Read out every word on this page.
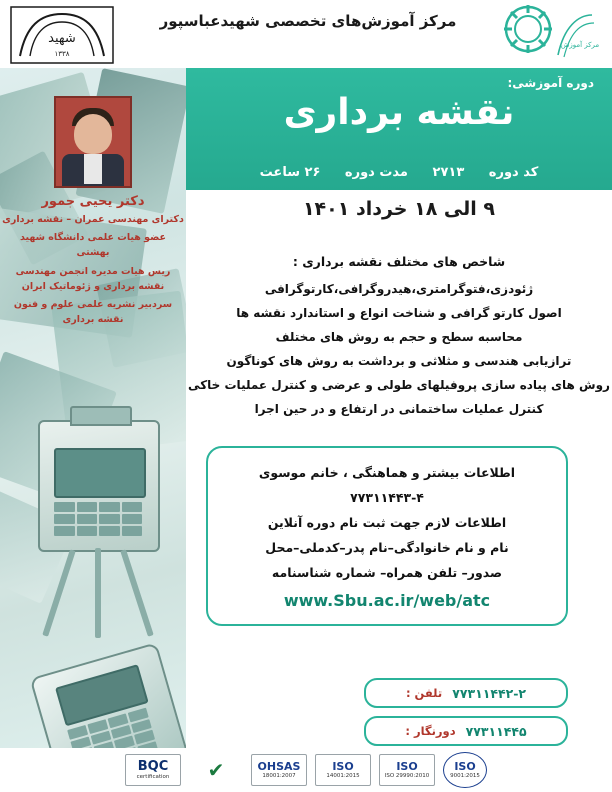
شهید
۱۳۳۸
مرکز آموزش‌های تخصصی شهیدعباسپور
مرکز آموزش
دکتر یحیی جمور
دکترای مهندسی عمران – نقشه برداری
عضو هیات علمی دانشگاه شهید بهشتی
ریس هیات مدیره انجمن مهندسی نقشه برداری و ژئوماتیک ایران
سردبیر نشریه علمی علوم و فنون نقشه برداری
دوره آموزشی:
نقشه برداری
کد دوره ۲۷۱۳ مدت دوره ۲۶ ساعت
۹ الی ۱۸ خرداد ۱۴۰۱
شاخص های مختلف نقشه برداری :
ژئودزی،فتوگرامتری،هیدروگرافی،کارتوگرافی
اصول کارتو گرافی و شناخت انواع و استاندارد نقشه ها
محاسبه سطح و حجم به روش های مختلف
ترازیابی هندسی و مثلاثی و برداشت به روش های کوناگون
روش های پیاده سازی پروفیلهای طولی و عرضی و کنترل عملیات خاکی
کنترل عملیات ساختمانی در ارتفاع و در حین اجرا
اطلاعات بیشتر و هماهنگی ، خانم موسوی
۷۷۳۱۱۴۴۳-۴
اطلاعات لازم جهت ثبت نام دوره آنلاین
نام و نام خانوادگی–نام پدر–کدملی–محل
صدور– تلفن همراه– شماره شناسنامه
www.Sbu.ac.ir/web/atc
۷۷۳۱۱۴۴۲-۲
تلفن :
۷۷۳۱۱۴۴۵
دورنگار :
ISO
9001:2015
ISO
ISO 29990:2010
ISO
14001:2015
OHSAS
18001:2007
✔
BQC
certification
